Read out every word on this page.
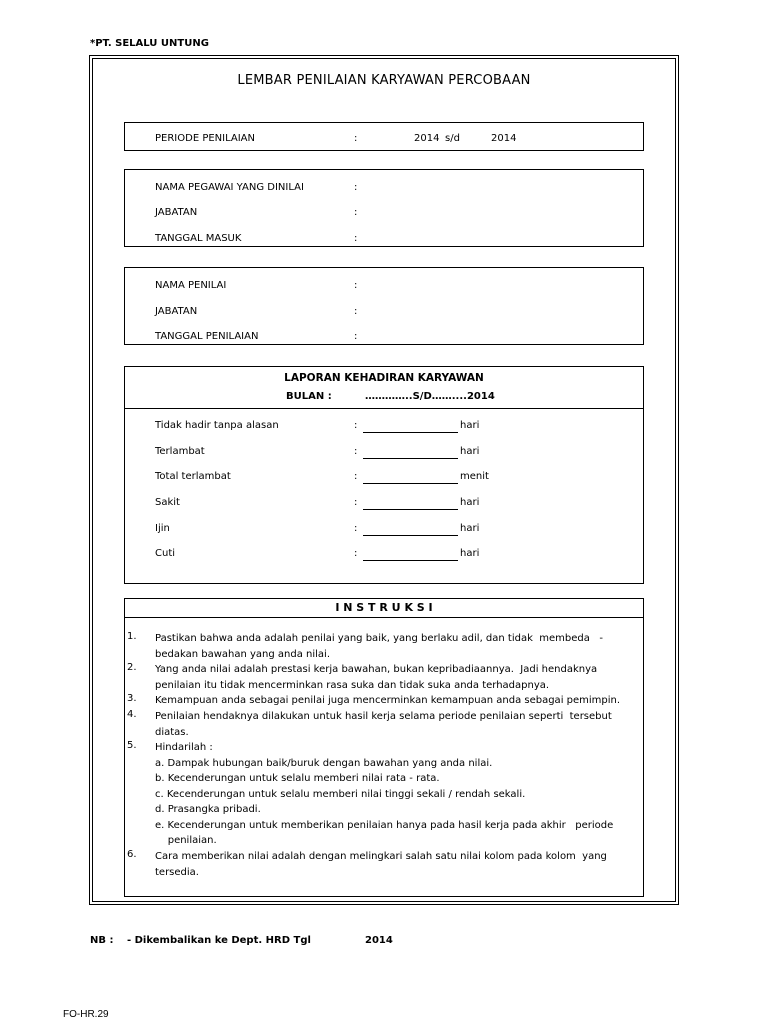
*PT. SELALU UNTUNG
LEMBAR PENILAIAN KARYAWAN PERCOBAAN
PERIODE PENILAIAN	:	2014 s/d	2014
NAMA PEGAWAI YANG DINILAI	:
JABATAN	:
TANGGAL MASUK	:
NAMA PENILAI	:
JABATAN	:
TANGGAL PENILAIAN	:
LAPORAN KEHADIRAN KARYAWAN
BULAN :	…………..S/D……....2014
Tidak hadir tanpa alasan	:	hari
Terlambat	:	hari
Total terlambat	:	menit
Sakit	:	hari
Ijin	:	hari
Cuti	:	hari
I N S T R U K S I
1. Pastikan bahwa anda adalah penilai yang baik, yang berlaku adil, dan tidak  membeda   -
bedakan bawahan yang anda nilai.
2. Yang anda nilai adalah prestasi kerja bawahan, bukan kepribadiaannya.  Jadi hendaknya
penilaian itu tidak mencerminkan rasa suka dan tidak suka anda terhadapnya.
3. Kemampuan anda sebagai penilai juga mencerminkan kemampuan anda sebagai pemimpin.
4. Penilaian hendaknya dilakukan untuk hasil kerja selama periode penilaian seperti  tersebut
diatas.
5. Hindarilah :
a. Dampak hubungan baik/buruk dengan bawahan yang anda nilai.
b. Kecenderungan untuk selalu memberi nilai rata - rata.
c. Kecenderungan untuk selalu memberi nilai tinggi sekali / rendah sekali.
d. Prasangka pribadi.
e. Kecenderungan untuk memberikan penilaian hanya pada hasil kerja pada akhir   periode
penilaian.
6. Cara memberikan nilai adalah dengan melingkari salah satu nilai kolom pada kolom  yang
tersedia.
NB : - Dikembalikan ke Dept. HRD Tgl	2014
FO-HR.29
